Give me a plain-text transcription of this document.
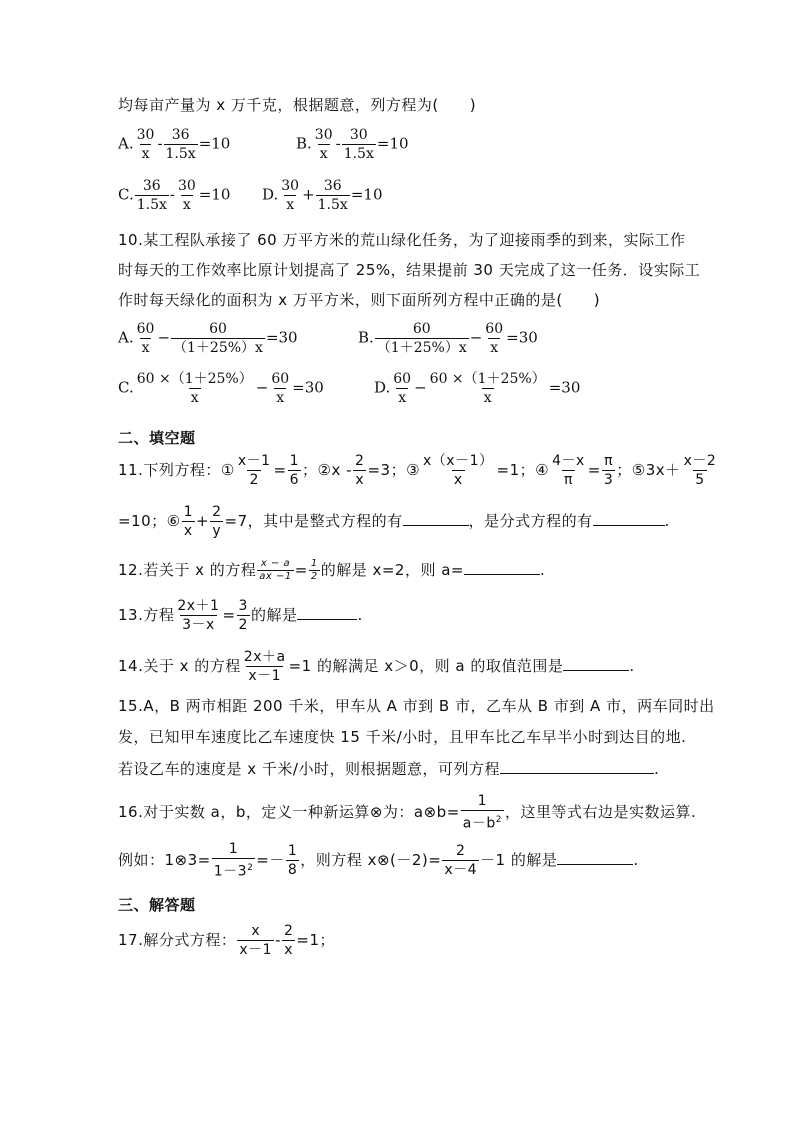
均每亩产量为 x 万千克，根据题意，列方程为(　　)
A. $\frac{30}{x} - \frac{36}{1.5x} =10$	B. $\frac{30}{x} - \frac{30}{1.5x} =10$
C. $\frac{36}{1.5x} - \frac{30}{x} =10$ D. $\frac{30}{x} + \frac{36}{1.5x} =10$
10.某工程队承接了 60 万平方米的荒山绿化任务，为了迎接雨季的到来，实际工作
时每天的工作效率比原计划提高了 25%，结果提前 30 天完成了这一任务．设实际工
作时每天绿化的面积为 x 万平方米，则下面所列方程中正确的是(　　)
A. $\frac{60}{x} - \frac{60}{(1+25\%)x} =30$	B. $\frac{60}{(1+25\%)x} - \frac{60}{x} =30$
C. $\frac{60 \times(1+25\%)}{x} - \frac{60}{x} =30$	D. $\frac{60}{x} - \frac{60 \times(1+25\%)}{x} =30$
二、填空题
11.下列方程：① $\frac{x-1}{2} = \frac{1}{6}$ ；②x - $\frac{2}{x} =3$；③ $\frac{x(x-1)}{x} =1$；④ $\frac{4-x}{\pi} = \frac{\pi}{3}$ ；⑤3x＋ $\frac{x-2}{5}$
=10；⑥ $\frac{1}{x} + \frac{2}{y} =7$，其中是整式方程的有	，是分式方程的有	.
12.若关于 x 的方程 $\frac{x - a}{ax -1} = \frac{1}{2}$ 的解是 x=2，则 a=	.
13.方程 $\frac{2x+1}{3-x} = \frac{3}{2}$ 的解是	.
14.关于 x 的方程 $\frac{2x+a}{x-1} =1$ 的解满足 x＞0，则 a 的取值范围是	.
15.A，B 两市相距 200 千米，甲车从 A 市到 B 市，乙车从 B 市到 A 市，两车同时出
发，已知甲车速度比乙车速度快 15 千米/小时，且甲车比乙车早半小时到达目的地.
若设乙车的速度是 x 千米/小时，则根据题意，可列方程	.
16.对于实数 a，b，定义一种新运算⊗为：a⊗b= $\frac{1}{a-b^2}$ ，这里等式右边是实数运算.
例如：1⊗3= $\frac{1}{1-3^2} =- \frac{1}{8}$ ，则方程 x⊗(－2)= $\frac{2}{x-4} -1$ 的解是	.
三、解答题
17.解分式方程： $\frac{x}{x-1} - \frac{2}{x} =1$；
